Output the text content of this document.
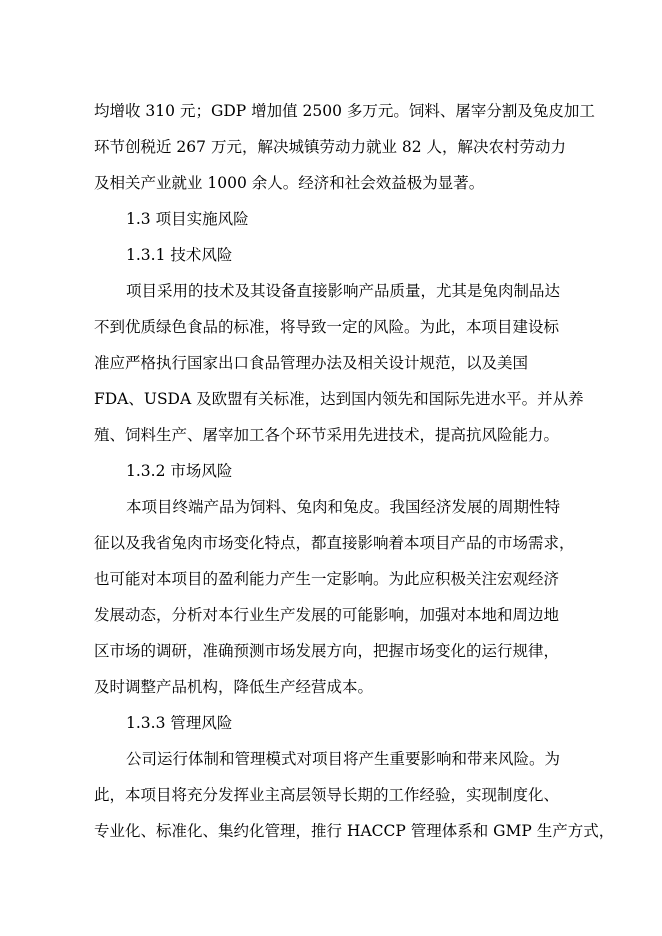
均增收 310 元；GDP 增加值 2500 多万元。饲料、屠宰分割及兔皮加工
环节创税近 267 万元，解决城镇劳动力就业 82 人，解决农村劳动力
及相关产业就业 1000 余人。经济和社会效益极为显著。
1.3 项目实施风险
1.3.1 技术风险
项目采用的技术及其设备直接影响产品质量，尤其是兔肉制品达
不到优质绿色食品的标准，将导致一定的风险。为此，本项目建设标
准应严格执行国家出口食品管理办法及相关设计规范，以及美国
FDA、USDA 及欧盟有关标准，达到国内领先和国际先进水平。并从养
殖、饲料生产、屠宰加工各个环节采用先进技术，提高抗风险能力。
1.3.2 市场风险
本项目终端产品为饲料、兔肉和兔皮。我国经济发展的周期性特
征以及我省兔肉市场变化特点，都直接影响着本项目产品的市场需求，
也可能对本项目的盈利能力产生一定影响。为此应积极关注宏观经济
发展动态，分析对本行业生产发展的可能影响，加强对本地和周边地
区市场的调研，准确预测市场发展方向，把握市场变化的运行规律，
及时调整产品机构，降低生产经营成本。
1.3.3 管理风险
公司运行体制和管理模式对项目将产生重要影响和带来风险。为
此，本项目将充分发挥业主高层领导长期的工作经验，实现制度化、
专业化、标准化、集约化管理，推行 HACCP 管理体系和 GMP 生产方式，
